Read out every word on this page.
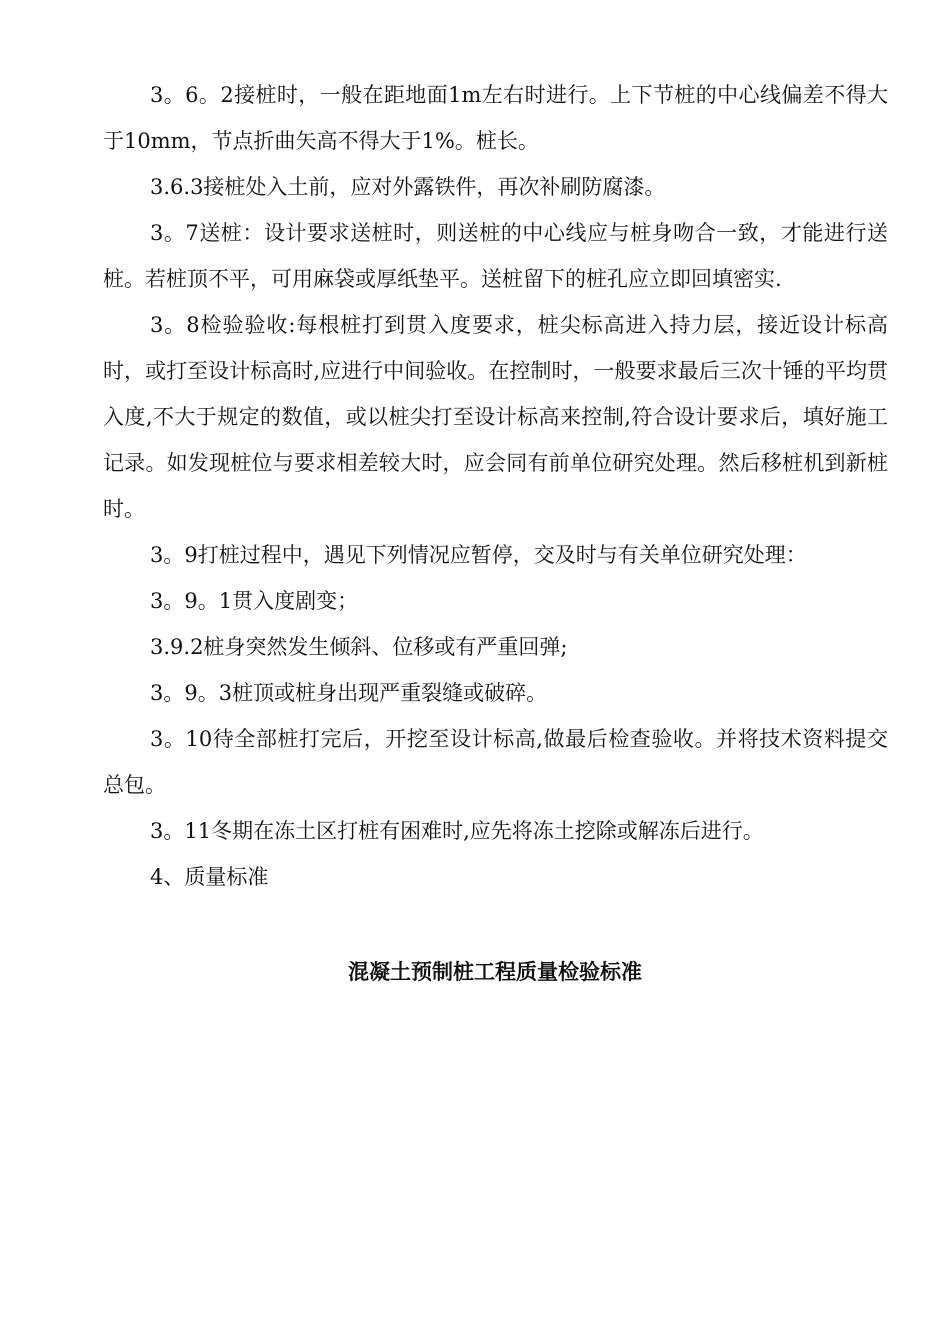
3。6。2接桩时，一般在距地面1m左右时进行。上下节桩的中心线偏差不得大于10mm，节点折曲矢高不得大于1%。桩长。

3.6.3接桩处入土前，应对外露铁件，再次补刷防腐漆。

3。7送桩：设计要求送桩时，则送桩的中心线应与桩身吻合一致，才能进行送桩。若桩顶不平，可用麻袋或厚纸垫平。送桩留下的桩孔应立即回填密实.

3。8检验验收:每根桩打到贯入度要求，桩尖标高进入持力层，接近设计标高时，或打至设计标高时,应进行中间验收。在控制时，一般要求最后三次十锤的平均贯入度,不大于规定的数值，或以桩尖打至设计标高来控制,符合设计要求后，填好施工记录。如发现桩位与要求相差较大时，应会同有前单位研究处理。然后移桩机到新桩时。

3。9打桩过程中，遇见下列情况应暂停，交及时与有关单位研究处理：

3。9。1贯入度剧变；

3.9.2桩身突然发生倾斜、位移或有严重回弹;

3。9。3桩顶或桩身出现严重裂缝或破碎。

3。10待全部桩打完后，开挖至设计标高,做最后检查验收。并将技术资料提交总包。

3。11冬期在冻土区打桩有困难时,应先将冻土挖除或解冻后进行。

4、质量标准

混凝土预制桩工程质量检验标准
